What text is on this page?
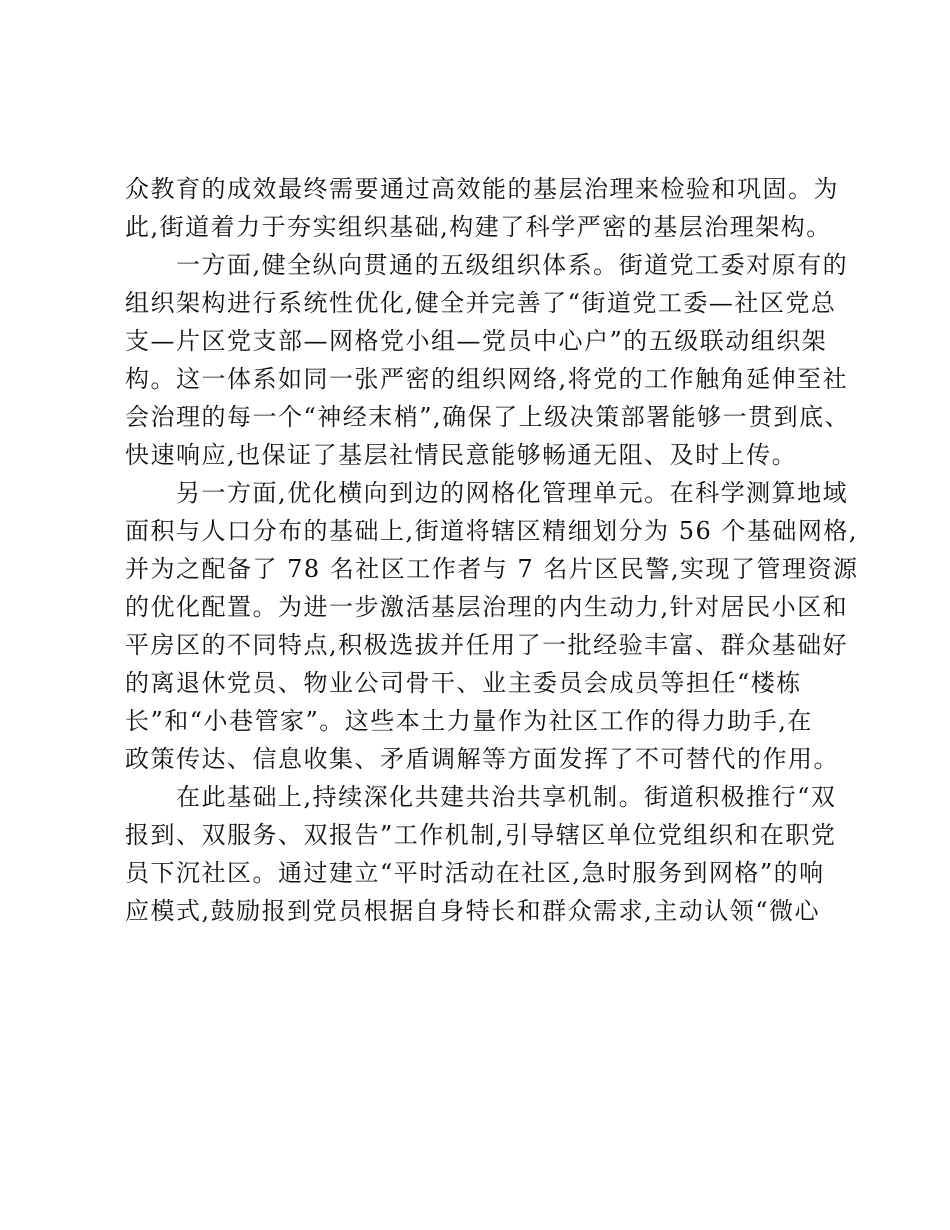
众教育的成效最终需要通过高效能的基层治理来检验和巩固。为
此,街道着力于夯实组织基础,构建了科学严密的基层治理架构。
　　一方面,健全纵向贯通的五级组织体系。街道党工委对原有的
组织架构进行系统性优化,健全并完善了“街道党工委—社区党总
支—片区党支部—网格党小组—党员中心户”的五级联动组织架
构。这一体系如同一张严密的组织网络,将党的工作触角延伸至社
会治理的每一个“神经末梢”,确保了上级决策部署能够一贯到底、
快速响应,也保证了基层社情民意能够畅通无阻、及时上传。
　　另一方面,优化横向到边的网格化管理单元。在科学测算地域
面积与人口分布的基础上,街道将辖区精细划分为 56 个基础网格,
并为之配备了 78 名社区工作者与 7 名片区民警,实现了管理资源
的优化配置。为进一步激活基层治理的内生动力,针对居民小区和
平房区的不同特点,积极选拔并任用了一批经验丰富、群众基础好
的离退休党员、物业公司骨干、业主委员会成员等担任“楼栋
长”和“小巷管家”。这些本土力量作为社区工作的得力助手,在
政策传达、信息收集、矛盾调解等方面发挥了不可替代的作用。
　　在此基础上,持续深化共建共治共享机制。街道积极推行“双
报到、双服务、双报告”工作机制,引导辖区单位党组织和在职党
员下沉社区。通过建立“平时活动在社区,急时服务到网格”的响
应模式,鼓励报到党员根据自身特长和群众需求,主动认领“微心
